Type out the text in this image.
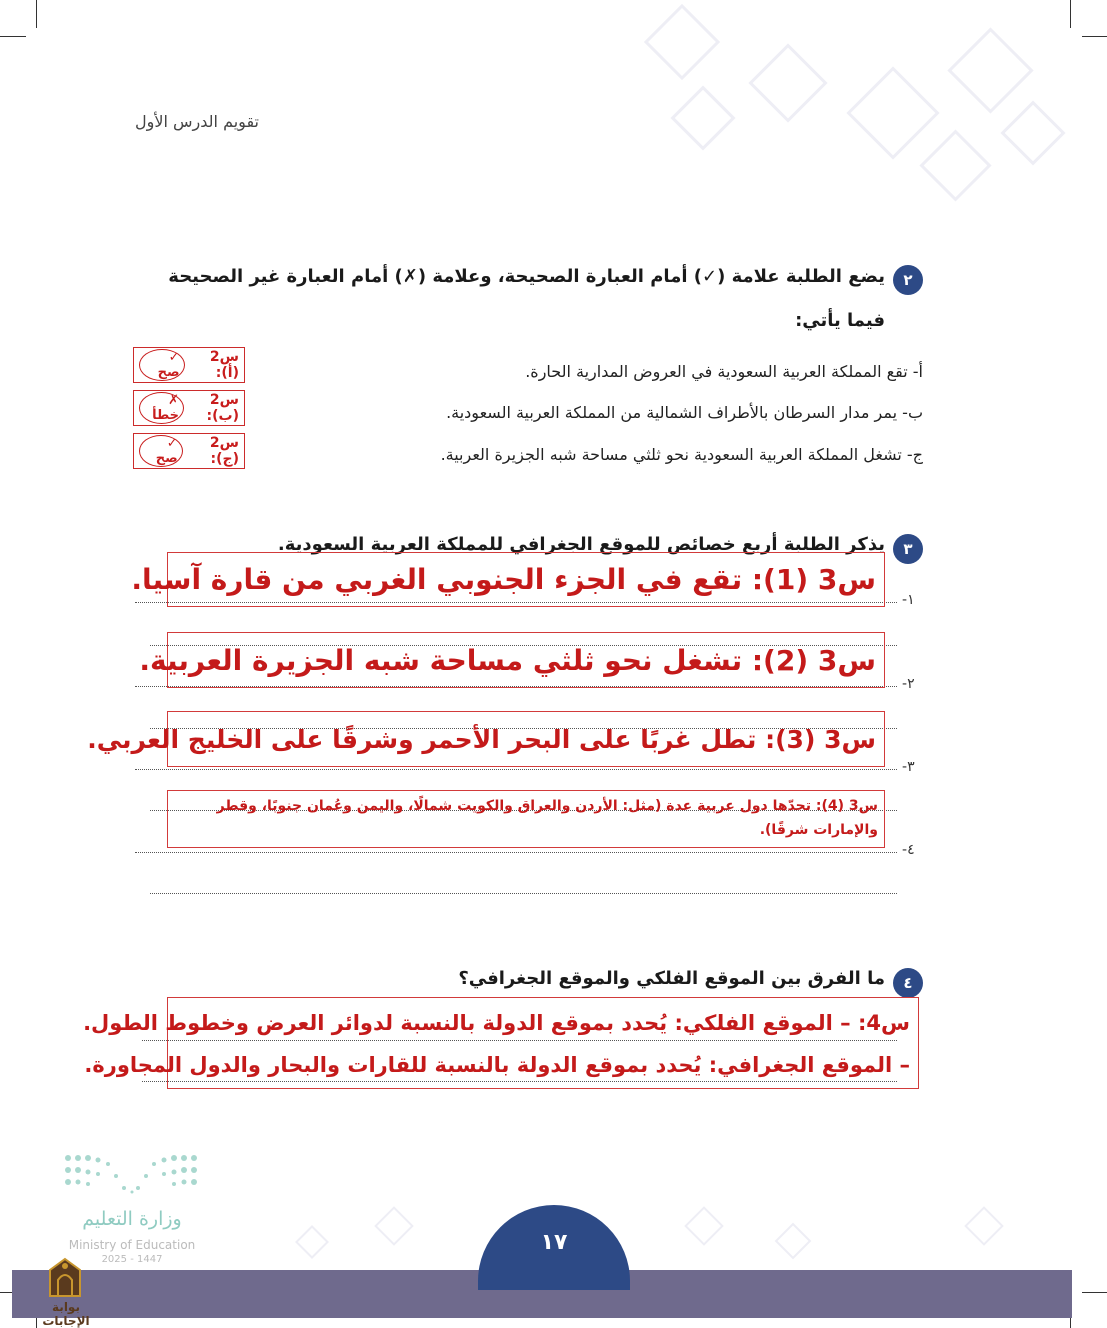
تقويم الدرس الأول
٢
يضع الطلبة علامة (✓) أمام العبارة الصحيحة، وعلامة (✗) أمام العبارة غير الصحيحة
فيما يأتي:
أ- تقع المملكة العربية السعودية في العروض المدارية الحارة.
ب- يمر مدار السرطان بالأطراف الشمالية من المملكة العربية السعودية.
ج- تشغل المملكة العربية السعودية نحو ثلثي مساحة شبه الجزيرة العربية.
س2 (أ):
✓ صح
س2 (ب):
✗ خطأ
س2 (ج):
✓ صح
٣
يذكر الطلبة أربع خصائص للموقع الجغرافي للمملكة العربية السعودية.
١-
٢-
٣-
٤-
س3 (1): تقع في الجزء الجنوبي الغربي من قارة آسيا.
س3 (2): تشغل نحو ثلثي مساحة شبه الجزيرة العربية.
س3 (3): تطل غربًا على البحر الأحمر وشرقًا على الخليج العربي.
س3 (4): تحدّها دول عربية عدة (مثل: الأردن والعراق والكويت شمالًا، واليمن وعُمان جنوبًا، وقطر
والإمارات شرقًا).
٤
ما الفرق بين الموقع الفلكي والموقع الجغرافي؟
س4: – الموقع الفلكي: يُحدد بموقع الدولة بالنسبة لدوائر العرض وخطوط الطول.
– الموقع الجغرافي: يُحدد بموقع الدولة بالنسبة للقارات والبحار والدول المجاورة.
وزارة التعليم
Ministry of Education
2025 - 1447
١٧
بوابة الإجابات
